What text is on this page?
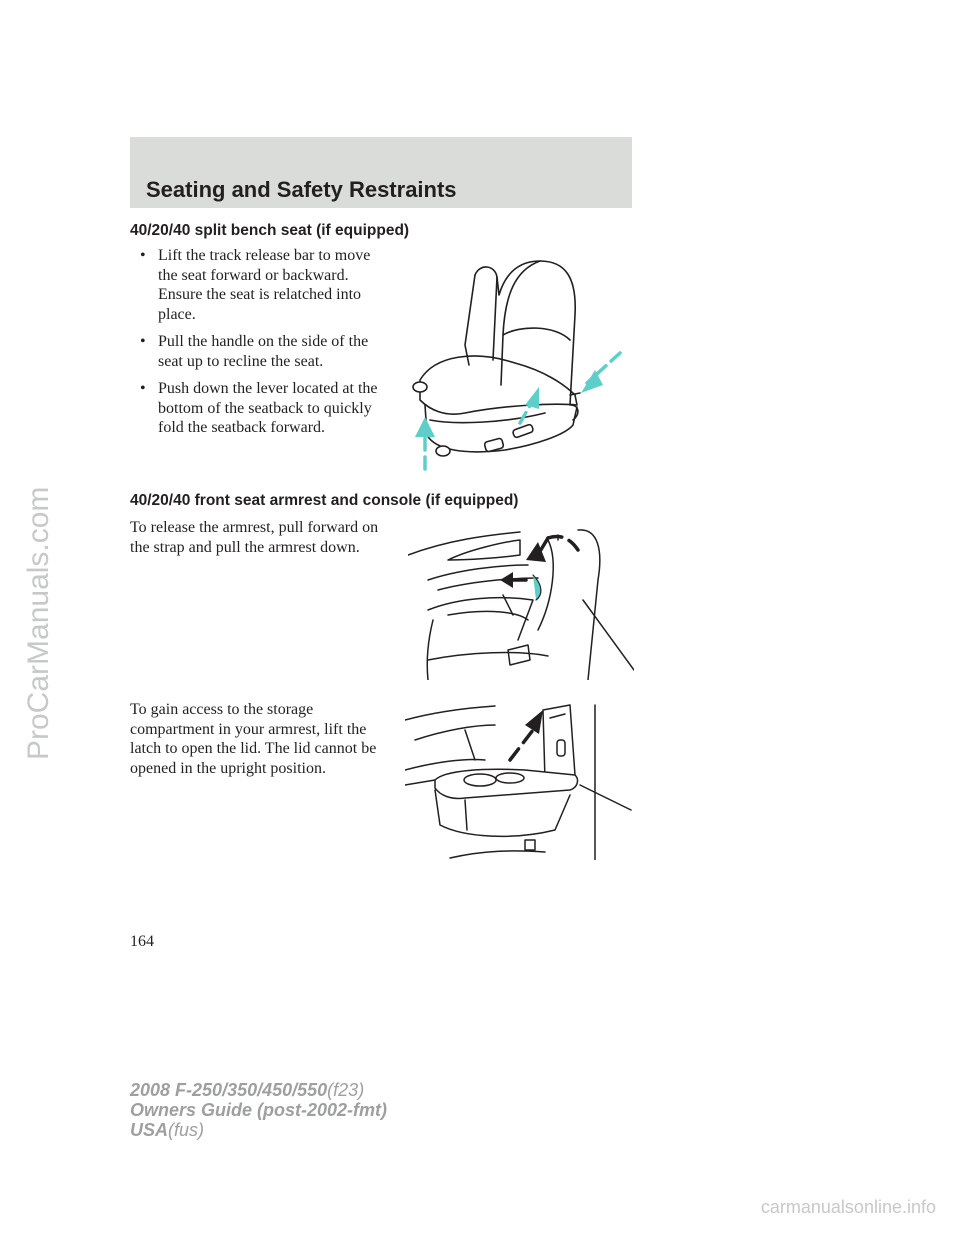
ProCarManuals.com
Seating and Safety Restraints
40/20/40 split bench seat (if equipped)
• Lift the track release bar to move the seat forward or backward. Ensure the seat is relatched into place.
• Pull the handle on the side of the seat up to recline the seat.
• Push down the lever located at the bottom of the seatback to quickly fold the seatback forward.
40/20/40 front seat armrest and console (if equipped)

To release the armrest, pull forward on the strap and pull the armrest down.

To gain access to the storage compartment in your armrest, lift the latch to open the lid. The lid cannot be opened in the upright position.

164

2008 F-250/350/450/550(f23)
Owners Guide (post-2002-fmt)
USA(fus)

carmanualsonline.info
